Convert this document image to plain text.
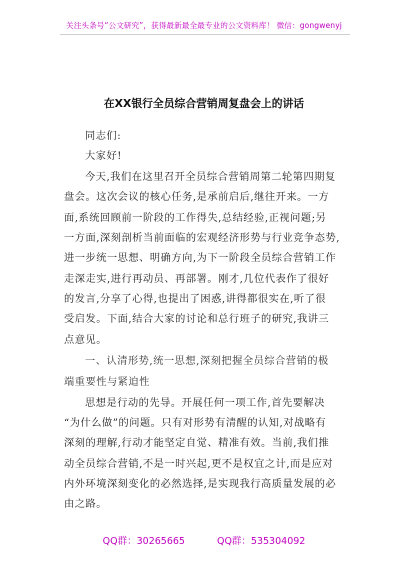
关注头条号“公文研究”，获得最新最全最专业的公文资料库！ 微信：gongwenyj
在XX银行全员综合营销周复盘会上的讲话
同志们:
大家好!
今天,我们在这里召开全员综合营销周第二轮第四期复
盘会。这次会议的核心任务,是承前启后,继往开来。一方
面,系统回顾前一阶段的工作得失,总结经验,正视问题;另
一方面,深刻剖析当前面临的宏观经济形势与行业竞争态势,
进一步统一思想、明确方向,为下一阶段全员综合营销工作
走深走实,进行再动员、再部署。刚才,几位代表作了很好
的发言,分享了心得,也提出了困惑,讲得都很实在,听了很
受启发。下面,结合大家的讨论和总行班子的研究,我讲三
点意见。
一、认清形势,统一思想,深刻把握全员综合营销的极
端重要性与紧迫性
思想是行动的先导。开展任何一项工作,首先要解决
“为什么做”的问题。只有对形势有清醒的认知,对战略有
深刻的理解,行动才能坚定自觉、精准有效。当前,我们推
动全员综合营销,不是一时兴起,更不是权宜之计,而是应对
内外环境深刻变化的必然选择,是实现我行高质量发展的必
由之路。
QQ群：30265665	QQ群：535304092
